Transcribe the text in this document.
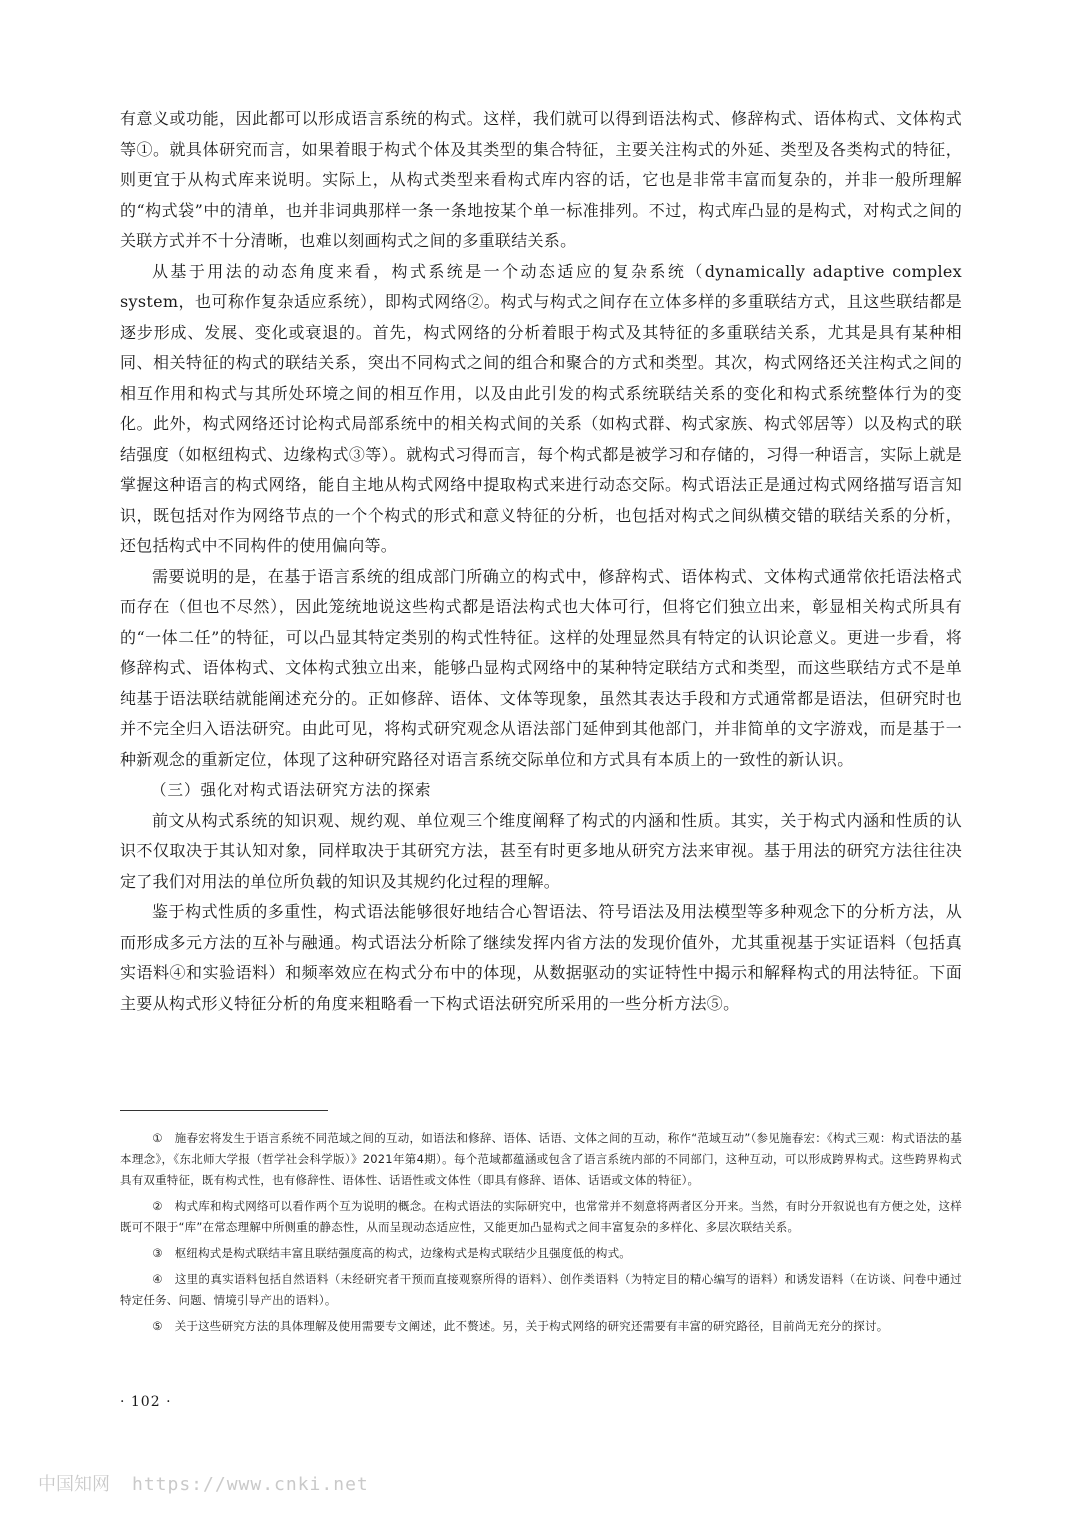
有意义或功能，因此都可以形成语言系统的构式。这样，我们就可以得到语法构式、修辞构式、语体构式、文体构式等①。就具体研究而言，如果着眼于构式个体及其类型的集合特征，主要关注构式的外延、类型及各类构式的特征，则更宜于从构式库来说明。实际上，从构式类型来看构式库内容的话，它也是非常丰富而复杂的，并非一般所理解的“构式袋”中的清单，也并非词典那样一条一条地按某个单一标准排列。不过，构式库凸显的是构式，对构式之间的关联方式并不十分清晰，也难以刻画构式之间的多重联结关系。

从基于用法的动态角度来看，构式系统是一个动态适应的复杂系统（dynamically adaptive complex system，也可称作复杂适应系统），即构式网络②。构式与构式之间存在立体多样的多重联结方式，且这些联结都是逐步形成、发展、变化或衰退的。首先，构式网络的分析着眼于构式及其特征的多重联结关系，尤其是具有某种相同、相关特征的构式的联结关系，突出不同构式之间的组合和聚合的方式和类型。其次，构式网络还关注构式之间的相互作用和构式与其所处环境之间的相互作用，以及由此引发的构式系统联结关系的变化和构式系统整体行为的变化。此外，构式网络还讨论构式局部系统中的相关构式间的关系（如构式群、构式家族、构式邻居等）以及构式的联结强度（如枢纽构式、边缘构式③等）。就构式习得而言，每个构式都是被学习和存储的，习得一种语言，实际上就是掌握这种语言的构式网络，能自主地从构式网络中提取构式来进行动态交际。构式语法正是通过构式网络描写语言知识，既包括对作为网络节点的一个个构式的形式和意义特征的分析，也包括对构式之间纵横交错的联结关系的分析，还包括构式中不同构件的使用偏向等。

需要说明的是，在基于语言系统的组成部门所确立的构式中，修辞构式、语体构式、文体构式通常依托语法格式而存在（但也不尽然），因此笼统地说这些构式都是语法构式也大体可行，但将它们独立出来，彰显相关构式所具有的“一体二任”的特征，可以凸显其特定类别的构式性特征。这样的处理显然具有特定的认识论意义。更进一步看，将修辞构式、语体构式、文体构式独立出来，能够凸显构式网络中的某种特定联结方式和类型，而这些联结方式不是单纯基于语法联结就能阐述充分的。正如修辞、语体、文体等现象，虽然其表达手段和方式通常都是语法，但研究时也并不完全归入语法研究。由此可见，将构式研究观念从语法部门延伸到其他部门，并非简单的文字游戏，而是基于一种新观念的重新定位，体现了这种研究路径对语言系统交际单位和方式具有本质上的一致性的新认识。

（三）强化对构式语法研究方法的探索

前文从构式系统的知识观、规约观、单位观三个维度阐释了构式的内涵和性质。其实，关于构式内涵和性质的认识不仅取决于其认知对象，同样取决于其研究方法，甚至有时更多地从研究方法来审视。基于用法的研究方法往往决定了我们对用法的单位所负载的知识及其规约化过程的理解。

鉴于构式性质的多重性，构式语法能够很好地结合心智语法、符号语法及用法模型等多种观念下的分析方法，从而形成多元方法的互补与融通。构式语法分析除了继续发挥内省方法的发现价值外，尤其重视基于实证语料（包括真实语料④和实验语料）和频率效应在构式分布中的体现，从数据驱动的实证特性中揭示和解释构式的用法特征。下面主要从构式形义特征分析的角度来粗略看一下构式语法研究所采用的一些分析方法⑤。

① 施春宏将发生于语言系统不同范域之间的互动，如语法和修辞、语体、话语、文体之间的互动，称作“范域互动”（参见施春宏：《构式三观：构式语法的基本理念》，《东北师大学报（哲学社会科学版）》2021年第4期）。每个范域都蕴涵或包含了语言系统内部的不同部门，这种互动，可以形成跨界构式。这些跨界构式具有双重特征，既有构式性，也有修辞性、语体性、话语性或文体性（即具有修辞、语体、话语或文体的特征）。

② 构式库和构式网络可以看作两个互为说明的概念。在构式语法的实际研究中，也常常并不刻意将两者区分开来。当然，有时分开叙说也有方便之处，这样既可不限于“库”在常态理解中所侧重的静态性，从而呈现动态适应性，又能更加凸显构式之间丰富复杂的多样化、多层次联结关系。

③ 枢纽构式是构式联结丰富且联结强度高的构式，边缘构式是构式联结少且强度低的构式。

④ 这里的真实语料包括自然语料（未经研究者干预而直接观察所得的语料）、创作类语料（为特定目的精心编写的语料）和诱发语料（在访谈、问卷中通过特定任务、问题、情境引导产出的语料）。

⑤ 关于这些研究方法的具体理解及使用需要专文阐述，此不赘述。另，关于构式网络的研究还需要有丰富的研究路径，目前尚无充分的探讨。

· 102 ·
中国知网 https://www.cnki.net
